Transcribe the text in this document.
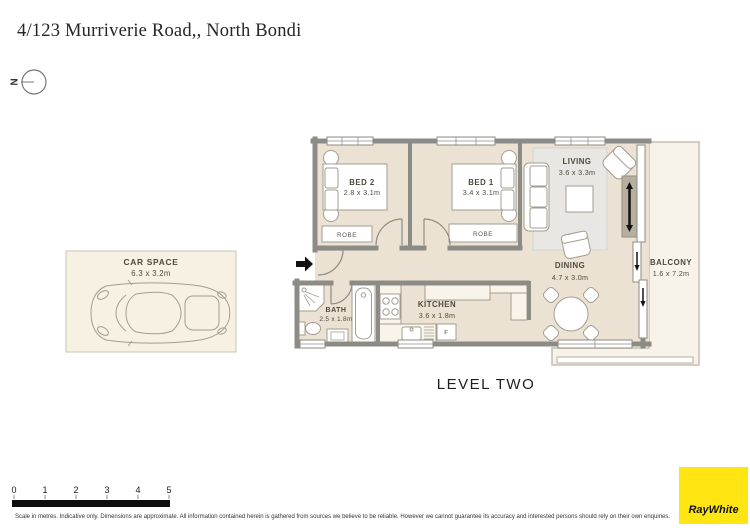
4/123 Murriverie Road,, North Bondi
N
CAR SPACE
6.3 x 3.2m
BALCONY
1.6 x 7.2m
BED 2
2.8 x 3.1m
ROBE
BED 1
3.4 x 3.1m
ROBE
LIVING
3.6 x 3.3m
DINING
4.7 x 3.0m
F
KITCHEN
3.6 x 1.8m
BATH
2.5 x 1.8m
LEVEL TWO
0	1	2	3	4	5
Scale in metres. Indicative only. Dimensions are approximate. All information contained herein is gathered from sources we believe to be reliable. However we cannot guarantee its accuracy and interested persons should rely on their own enquiries.
RayWhite
